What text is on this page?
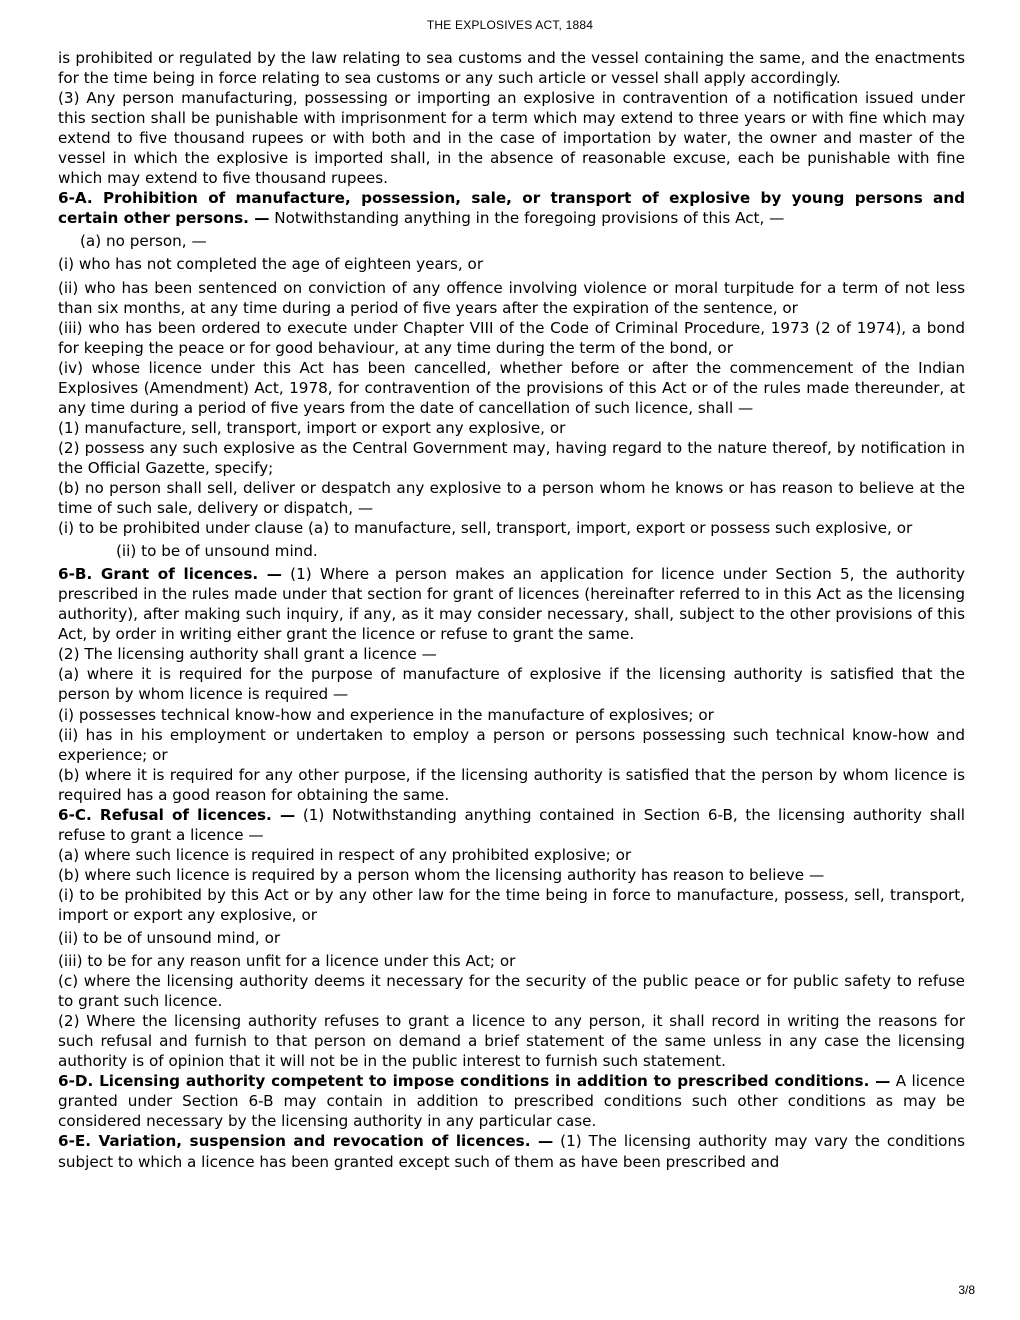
THE EXPLOSIVES ACT, 1884

is prohibited or regulated by the law relating to sea customs and the vessel containing the same, and the enactments for the time being in force relating to sea customs or any such article or vessel shall apply accordingly.

(3) Any person manufacturing, possessing or importing an explosive in contravention of a notification issued under this section shall be punishable with imprisonment for a term which may extend to three years or with fine which may extend to five thousand rupees or with both and in the case of importation by water, the owner and master of the vessel in which the explosive is imported shall, in the absence of reasonable excuse, each be punishable with fine which may extend to five thousand rupees.

6-A. Prohibition of manufacture, possession, sale, or transport of explosive by young persons and certain other persons. — Notwithstanding anything in the foregoing provisions of this Act, —

(a) no person, —

(i) who has not completed the age of eighteen years, or

(ii) who has been sentenced on conviction of any offence involving violence or moral turpitude for a term of not less than six months, at any time during a period of five years after the expiration of the sentence, or

(iii) who has been ordered to execute under Chapter VIII of the Code of Criminal Procedure, 1973 (2 of 1974), a bond for keeping the peace or for good behaviour, at any time during the term of the bond, or

(iv) whose licence under this Act has been cancelled, whether before or after the commencement of the Indian Explosives (Amendment) Act, 1978, for contravention of the provisions of this Act or of the rules made thereunder, at any time during a period of five years from the date of cancellation of such licence, shall —

(1) manufacture, sell, transport, import or export any explosive, or

(2) possess any such explosive as the Central Government may, having regard to the nature thereof, by notification in the Official Gazette, specify;

(b) no person shall sell, deliver or despatch any explosive to a person whom he knows or has reason to believe at the time of such sale, delivery or dispatch, —

(i) to be prohibited under clause (a) to manufacture, sell, transport, import, export or possess such explosive, or

(ii) to be of unsound mind.

6-B. Grant of licences. — (1) Where a person makes an application for licence under Section 5, the authority prescribed in the rules made under that section for grant of licences (hereinafter referred to in this Act as the licensing authority), after making such inquiry, if any, as it may consider necessary, shall, subject to the other provisions of this Act, by order in writing either grant the licence or refuse to grant the same.

(2) The licensing authority shall grant a licence —

(a) where it is required for the purpose of manufacture of explosive if the licensing authority is satisfied that the person by whom licence is required —

(i) possesses technical know-how and experience in the manufacture of explosives; or

(ii) has in his employment or undertaken to employ a person or persons possessing such technical know-how and experience; or

(b) where it is required for any other purpose, if the licensing authority is satisfied that the person by whom licence is required has a good reason for obtaining the same.

6-C. Refusal of licences. — (1) Notwithstanding anything contained in Section 6-B, the licensing authority shall refuse to grant a licence —

(a) where such licence is required in respect of any prohibited explosive; or

(b) where such licence is required by a person whom the licensing authority has reason to believe —

(i) to be prohibited by this Act or by any other law for the time being in force to manufacture, possess, sell, transport, import or export any explosive, or

(ii) to be of unsound mind, or

(iii) to be for any reason unfit for a licence under this Act; or

(c) where the licensing authority deems it necessary for the security of the public peace or for public safety to refuse to grant such licence.

(2) Where the licensing authority refuses to grant a licence to any person, it shall record in writing the reasons for such refusal and furnish to that person on demand a brief statement of the same unless in any case the licensing authority is of opinion that it will not be in the public interest to furnish such statement.

6-D. Licensing authority competent to impose conditions in addition to prescribed conditions. — A licence granted under Section 6-B may contain in addition to prescribed conditions such other conditions as may be considered necessary by the licensing authority in any particular case.

6-E. Variation, suspension and revocation of licences. — (1) The licensing authority may vary the conditions subject to which a licence has been granted except such of them as have been prescribed and

3/8
